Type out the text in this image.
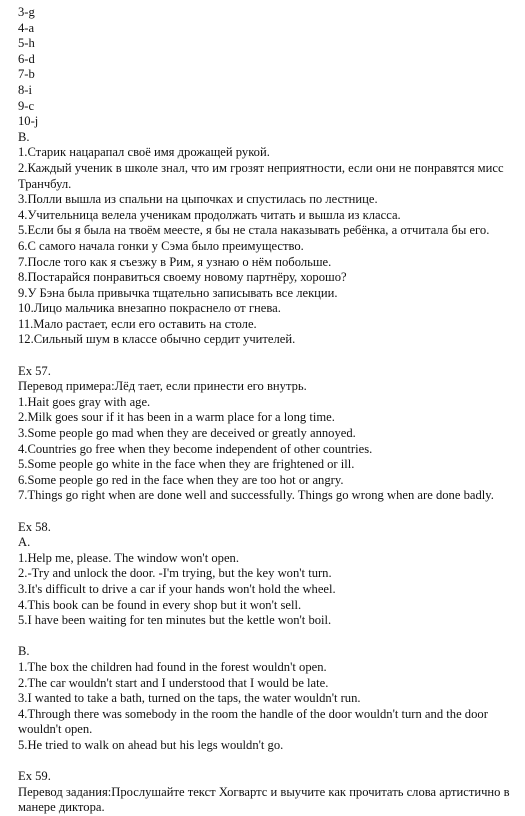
3-g
4-a
5-h
6-d
7-b
8-i
9-c
10-j
B.
1.Старик нацарапал своё имя дрожащей рукой.
2.Каждый ученик в школе знал, что им грозят неприятности, если они не понравятся мисс Транчбул.
3.Полли вышла из спальни на цыпочках и спустилась по лестнице.
4.Учительница велела ученикам продолжать читать и вышла из класса.
5.Если бы я была на твоём меесте, я бы не стала наказывать ребёнка, а отчитала бы его.
6.С самого начала гонки у Сэма было преимущество.
7.После того как я съезжу в Рим, я узнаю о нём побольше.
8.Постарайся понравиться своему новому партнёру, хорошо?
9.У Бэна была привычка тщательно записывать все лекции.
10.Лицо мальчика внезапно покраснело от гнева.
11.Мало растает, если его оставить на столе.
12.Сильный шум в классе обычно сердит учителей.
Ex 57.
Перевод примера:Лёд тает, если принести его внутрь.
1.Hait goes gray with age.
2.Milk goes sour if it has been in a warm place for a long time.
3.Some people go mad when they are deceived or greatly annoyed.
4.Countries go free when they become independent of other countries.
5.Some people go white in the face when they are frightened or ill.
6.Some people go red in the face when they are too hot or angry.
7.Things go right when are done well and successfully. Things go wrong when are done badly.
Ex 58.
A.
1.Help me, please. The window won't open.
2.-Try and unlock the door. -I'm trying, but the key won't turn.
3.It's difficult to drive a car if your hands won't hold the wheel.
4.This book can be found in every shop but it won't sell.
5.I have been waiting for ten minutes but the kettle won't boil.
B.
1.The box the children had found in the forest wouldn't open.
2.The car wouldn't start and I understood that I would be late.
3.I wanted to take a bath, turned on the taps, the water wouldn't run.
4.Through there was somebody in the room the handle of the door wouldn't turn and the door wouldn't open.
5.He tried to walk on ahead but his legs wouldn't go.
Ex 59.
Перевод задания:Прослушайте текст Хогвартс и выучите как прочитать слова артистично в манере диктора.
